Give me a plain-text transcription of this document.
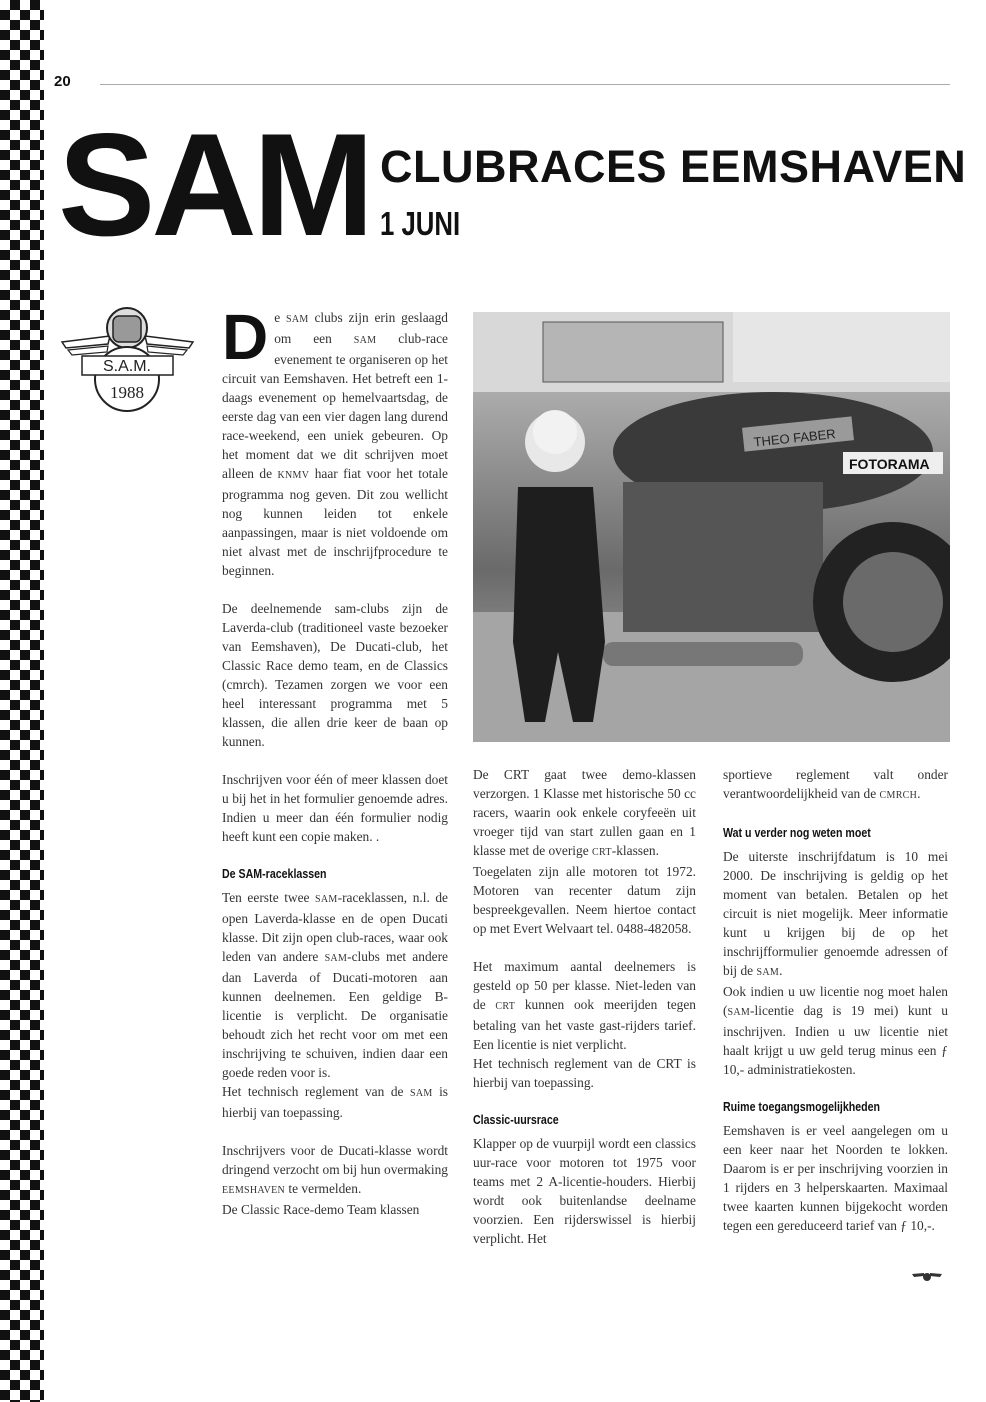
20
SAM CLUBRACES EEMSHAVEN
1 JUNI
S.A.M.
1988

De SAM clubs zijn erin geslaagd om een SAM club-race evenement te organiseren op het circuit van Eemshaven. Het betreft een 1-daags evenement op hemelvaartsdag, de eerste dag van een vier dagen lang durend race-weekend, een uniek gebeuren. Op het moment dat we dit schrijven moet alleen de KNMV haar fiat voor het totale programma nog geven. Dit zou wellicht nog kunnen leiden tot enkele aanpassingen, maar is niet voldoende om niet alvast met de inschrijfprocedure te beginnen.

De deelnemende sam-clubs zijn de Laverda-club (traditioneel vaste bezoeker van Eemshaven), De Ducati-club, het Classic Race demo team, en de Classics (cmrch). Tezamen zorgen we voor een heel interessant programma met 5 klassen, die allen drie keer de baan op kunnen.

Inschrijven voor één of meer klassen doet u bij het in het formulier genoemde adres. Indien u meer dan één formulier nodig heeft kunt een copie maken. .

De SAM-raceklassen

Ten eerste twee SAM-raceklassen, n.l. de open Laverda-klasse en de open Ducati klasse. Dit zijn open club-races, waar ook leden van andere SAM-clubs met andere dan Laverda of Ducati-motoren aan kunnen deelnemen. Een geldige B-licentie is verplicht. De organisatie behoudt zich het recht voor om met een inschrijving te schuiven, indien daar een goede reden voor is.

Het technisch reglement van de SAM is hierbij van toepassing.

Inschrijvers voor de Ducati-klasse wordt dringend verzocht om bij hun overmaking EEMSHAVEN te vermelden.

De Classic Race-demo Team klassen

THEO FABER
FOTORAMA

De CRT gaat twee demo-klassen verzorgen. 1 Klasse met historische 50 cc racers, waarin ook enkele coryfeeën uit vroeger tijd van start zullen gaan en 1 klasse met de overige CRT-klassen.

Toegelaten zijn alle motoren tot 1972. Motoren van recenter datum zijn bespreekgevallen. Neem hiertoe contact op met Evert Welvaart tel. 0488-482058.

Het maximum aantal deelnemers is gesteld op 50 per klasse. Niet-leden van de CRT kunnen ook meerijden tegen betaling van het vaste gast-rijders tarief. Een licentie is niet verplicht.

Het technisch reglement van de CRT is hierbij van toepassing.

Classic-uursrace

Klapper op de vuurpijl wordt een classics uur-race voor motoren tot 1975 voor teams met 2 A-licentie-houders. Hierbij wordt ook buitenlandse deelname voorzien. Een rijderswissel is hierbij verplicht. Het

sportieve reglement valt onder verantwoordelijkheid van de CMRCH.

Wat u verder nog weten moet

De uiterste inschrijfdatum is 10 mei 2000. De inschrijving is geldig op het moment van betalen. Betalen op het circuit is niet mogelijk. Meer informatie kunt u krijgen bij de op het inschrijfformulier genoemde adressen of bij de SAM.

Ook indien u uw licentie nog moet halen (SAM-licentie dag is 19 mei) kunt u inschrijven. Indien u uw licentie niet haalt krijgt u uw geld terug minus een ƒ 10,- administratiekosten.

Ruime toegangsmogelijkheden

Eemshaven is er veel aangelegen om u een keer naar het Noorden te lokken. Daarom is er per inschrijving voorzien in 1 rijders en 3 helperskaarten. Maximaal twee kaarten kunnen bijgekocht worden tegen een gereduceerd tarief van ƒ 10,-.
